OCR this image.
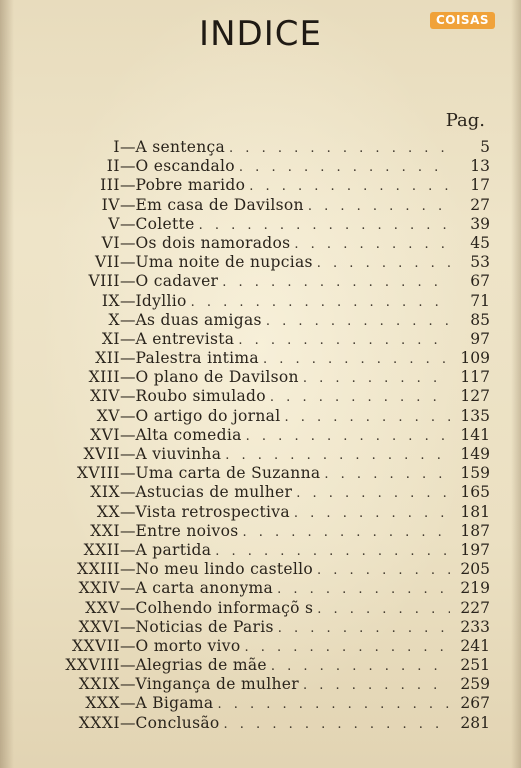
COISAS
INDICE
Pag.
I — A sentença . . .	5
II — O escandalo . . .	13
III — Pobre marido . . .	17
IV — Em casa de Davilson . . .	27
V — Colette . . .	39
VI — Os dois namorados . . .	45
VII — Uma noite de nupcias . . .	53
VIII — O cadaver . . .	67
IX — Idyllio . . .	71
X — As duas amigas . . .	85
XI — A entrevista . . .	97
XII — Palestra intima . . .	109
XIII — O plano de Davilson . . .	117
XIV — Roubo simulado . . .	127
XV — O artigo do jornal . . .	135
XVI — Alta comedia . . .	141
XVII — A viuvinha . . .	149
XVIII — Uma carta de Suzanna . . .	159
XIX — Astucias de mulher . . .	165
XX — Vista retrospectiva . . .	181
XXI — Entre noivos . . .	187
XXII — A partida . . .	197
XXIII — No meu lindo castello . . .	205
XXIV — A carta anonyma . . .	219
XXV — Colhendo informaçõ s . . .	227
XXVI — Noticias de Paris . . .	233
XXVII — O morto vivo . . .	241
XXVIII — Alegrias de mãe . . .	251
XXIX — Vingança de mulher . . .	259
XXX — A Bigama . . .	267
XXXI — Conclusão . . .	281
